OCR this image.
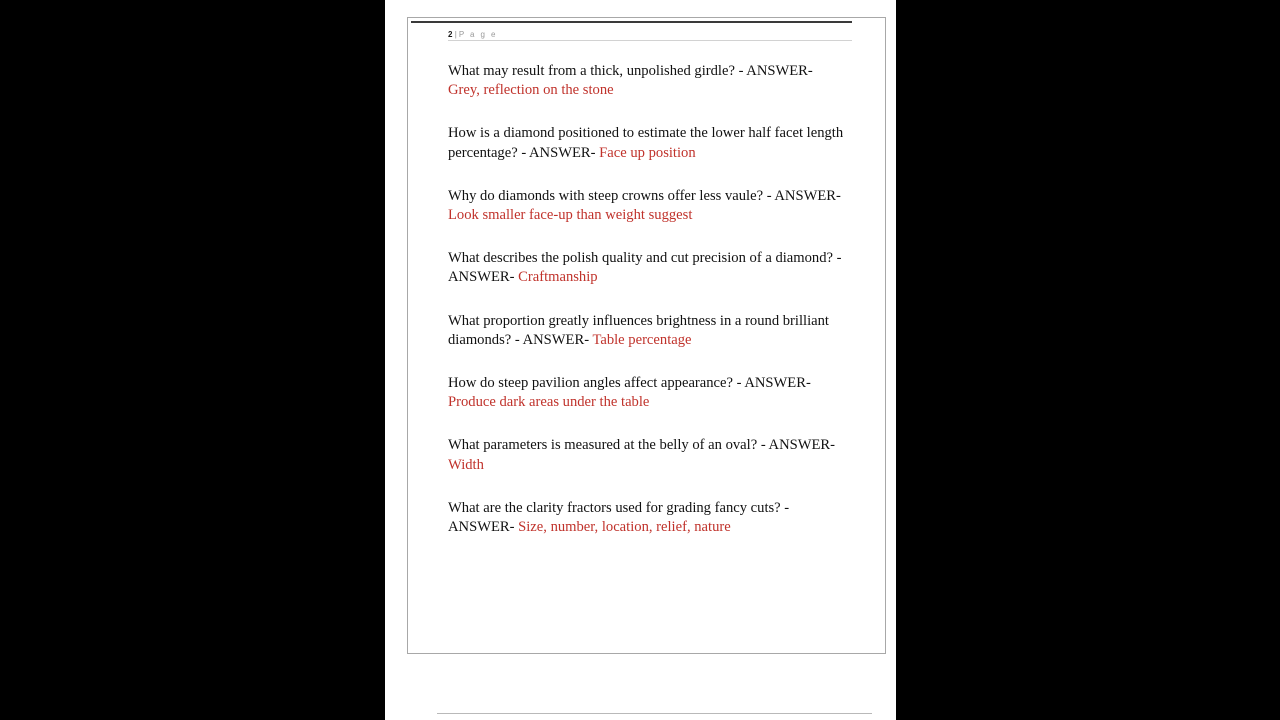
2 | P a g e

What may result from a thick, unpolished girdle? - ANSWER- Grey, reflection on the stone

How is a diamond positioned to estimate the lower half facet length percentage? - ANSWER- Face up position

Why do diamonds with steep crowns offer less vaule? - ANSWER- Look smaller face-up than weight suggest

What describes the polish quality and cut precision of a diamond? - ANSWER- Craftmanship

What proportion greatly influences brightness in a round brilliant diamonds? - ANSWER- Table percentage

How do steep pavilion angles affect appearance? - ANSWER- Produce dark areas under the table

What parameters is measured at the belly of an oval? - ANSWER- Width

What are the clarity fractors used for grading fancy cuts? - ANSWER- Size, number, location, relief, nature
